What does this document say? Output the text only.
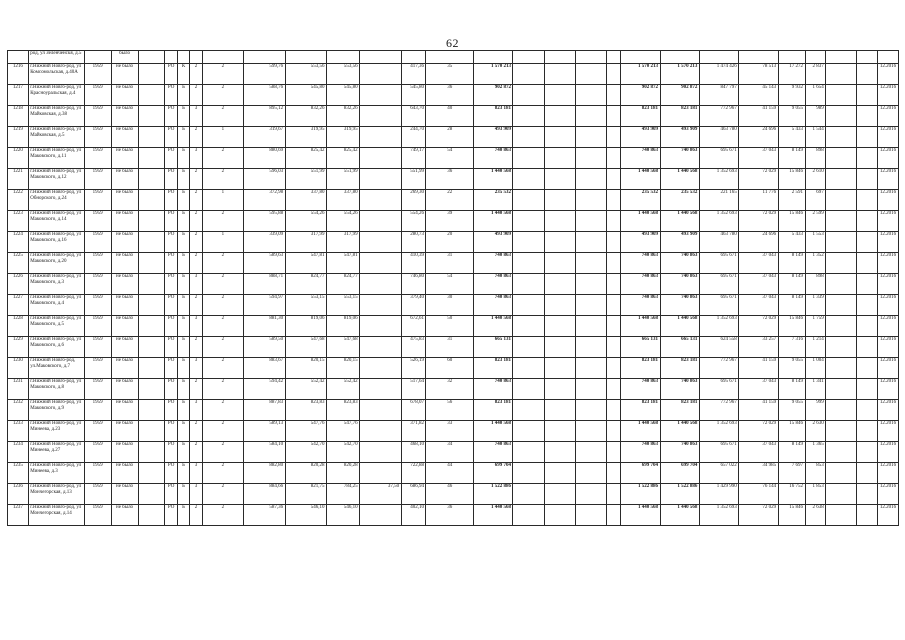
62
	род, ул Зеленченскя, д.5		было																									
1216	г.Нижний Новго-род, ул Комсомольская, д.40А	1959	не было		РО	К	2	2	599,76	553,56	553,56		417,36	35	1 570 213					1 570 213	1 570 213	1 474 426	78 513	17 272	2 837			12.2016
1217	г.Нижний Новго-род, ул Красноуральская, д.4	1959	не было		РО	Б	2	2	588,76	545,80	545,80		545,80	36	902 872					902 872	902 872	847 797	45 143	9 932	1 654			12.2016
1218	г.Нижний Новго-род, ул Майковская, д.38	1959	не было		РО	Б	3	2	895,12	832,26	832,26		643,70	40	823 181					823 181	823 181	772 967	41 159	9 055	989			12.2016
1219	г.Нижний Новго-род, ул Майковская, д.5	1959	не было		РО	Б	2	1	319,67	319,95	319,95		244,70	28	493 909					493 909	493 909	463 780	24 696	5 433	1 544			12.2016
1220	г.Нижний Новго-род, ул Маковского, д.11	1959	не было		РО	Б	3	2	880,69	825,42	825,42		749,17	54	740 863					740 863	740 863	695 671	37 043	8 149	898			12.2016
1221	г.Нижний Новго-род, ул Маковского, д.12	1959	не было		РО	Б	2	2	596,03	551,99	551,99		551,99	36	1 440 568					1 440 568	1 440 568	1 352 693	72 029	15 846	2 610			12.2016
1222	г.Нижний Новго-род, ул Обнорского, д.24	1959	не было		РО	Б	2	1	372,98	337,80	337,80		269,30	22	235 532					235 532	235 532	221 165	11 776	2 591	697			12.2016
1223	г.Нижний Новго-род, ул Маковского, д.14	1959	не было		РО	Б	2	2	595,88	554,26	554,26		554,26	39	1 440 568					1 440 568	1 440 568	1 352 693	72 029	15 846	2 599			12.2016
1224	г.Нижний Новго-род, ул Маковского, д.16	1959	не было		РО	Б	2	1	339,09	317,99	317,99		280,73	20	493 909					493 909	493 909	463 780	24 696	5 433	1 553			12.2016
1225	г.Нижний Новго-род, ул Маковского, д.20	1959	не было		РО	Б	2	2	589,63	547,81	547,81		410,39	31	740 863					740 863	740 863	695 671	37 043	8 149	1 352			12.2016
1226	г.Нижний Новго-род, ул Маковского, д.3	1959	не было		РО	Б	3	2	888,71	824,77	824,77		746,80	54	740 863					740 863	740 863	695 671	37 043	8 149	898			12.2016
1227	г.Нижний Новго-род, ул Маковского, д.4	1959	не было		РО	Б	2	2	594,97	553,15	553,15		379,40	30	740 863					740 863	740 863	695 671	37 043	8 149	1 339			12.2016
1228	г.Нижний Новго-род, ул Маковского, д.5	1959	не было		РО	Б	3	2	881,30	819,06	819,06		672,61	50	1 440 568					1 440 568	1 440 568	1 352 693	72 029	15 846	1 759			12.2016
1229	г.Нижний Новго-род, ул Маковского, д.6	1959	не было		РО	Б	2	2	589,50	547,68	547,68		475,83	31	665 131					665 131	665 131	624 558	33 257	7 316	1 214			12.2016
1230	г.Нижний Новго-род, ул.Маковского, д.7	1959	не было		РО	Б	3	2	883,67	820,15	820,15		526,19	60	823 181					823 181	823 181	772 967	41 159	9 055	1 004			12.2016
1231	г.Нижний Новго-род, ул Маковского, д.8	1959	не было		РО	Б	2	2	594,42	552,42	552,42		517,64	32	740 863					740 863	740 863	695 671	37 043	8 149	1 341			12.2016
1232	г.Нижний Новго-род, ул Маковского, д.9	1959	не было		РО	Б	3	2	887,83	823,83	823,83		678,07	56	823 181					823 181	823 181	772 967	41 159	9 055	999			12.2016
1233	г.Нижний Новго-род, ул Минеева, д.23	1959	не было		РО	Б	2	2	589,13	547,76	547,76		371,82	33	1 440 568					1 440 568	1 440 568	1 352 693	72 029	15 846	2 630			12.2016
1234	г.Нижний Новго-род, ул Минеева, д.27	1959	не было		РО	Б	2	2	584,10	542,70	542,70		468,10	34	740 863					740 863	740 863	695 671	37 043	8 149	1 365			12.2016
1235	г.Нижний Новго-род, ул Минеева, д.3	1959	не было		РО	Б	3	2	882,80	820,28	820,28		722,88	44	699 704					699 704	699 704	657 022	34 985	7 697	853			12.2016
1236	г.Нижний Новго-род, ул Мончегорская, д.13	1959	не было		РО	Б	3	2	884,66	821,75	784,25	37,50	686,94	46	1 522 886					1 522 886	1 522 886	1 429 990	76 144	16 752	1 853			12.2016
1237	г.Нижний Новго-род, ул Мончегорская, д.14	1959	не было		РО	Б	2	2	587,36	546,10	546,10		402,10	36	1 440 568					1 440 568	1 440 568	1 352 693	72 029	15 846	2 638			12.2016
